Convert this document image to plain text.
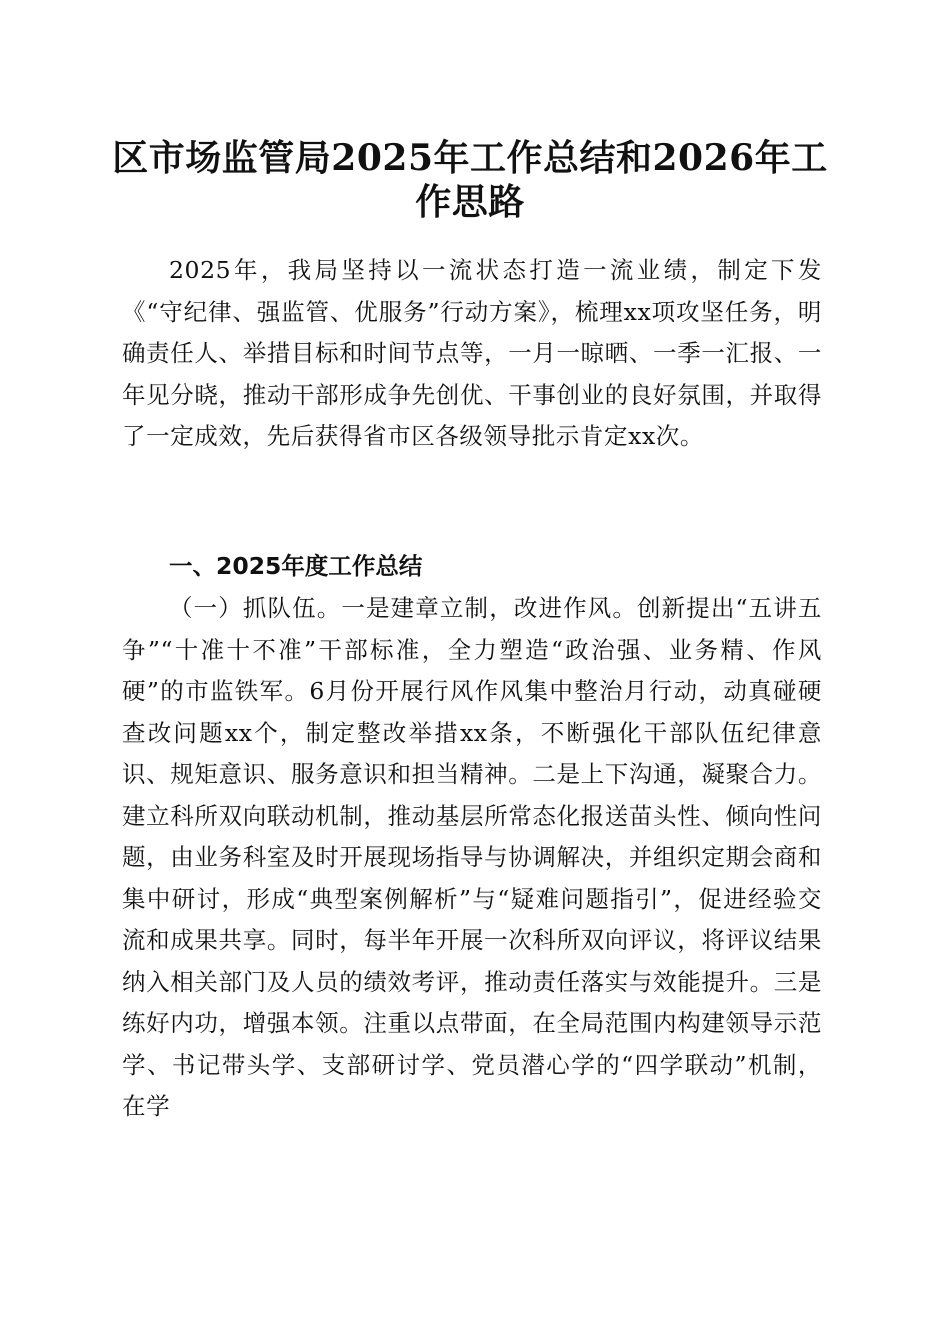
区市场监管局2025年工作总结和2026年工作思路

2025年，我局坚持以一流状态打造一流业绩，制定下发《“守纪律、强监管、优服务”行动方案》，梳理xx项攻坚任务，明确责任人、举措目标和时间节点等，一月一晾晒、一季一汇报、一年见分晓，推动干部形成争先创优、干事创业的良好氛围，并取得了一定成效，先后获得省市区各级领导批示肯定xx次。

一、2025年度工作总结

（一）抓队伍。一是建章立制，改进作风。创新提出“五讲五争”“十准十不准”干部标准，全力塑造“政治强、业务精、作风硬”的市监铁军。6月份开展行风作风集中整治月行动，动真碰硬查改问题xx个，制定整改举措xx条，不断强化干部队伍纪律意识、规矩意识、服务意识和担当精神。二是上下沟通，凝聚合力。建立科所双向联动机制，推动基层所常态化报送苗头性、倾向性问题，由业务科室及时开展现场指导与协调解决，并组织定期会商和集中研讨，形成“典型案例解析”与“疑难问题指引”，促进经验交流和成果共享。同时，每半年开展一次科所双向评议，将评议结果纳入相关部门及人员的绩效考评，推动责任落实与效能提升。三是练好内功，增强本领。注重以点带面，在全局范围内构建领导示范学、书记带头学、支部研讨学、党员潜心学的“四学联动”机制，在学
